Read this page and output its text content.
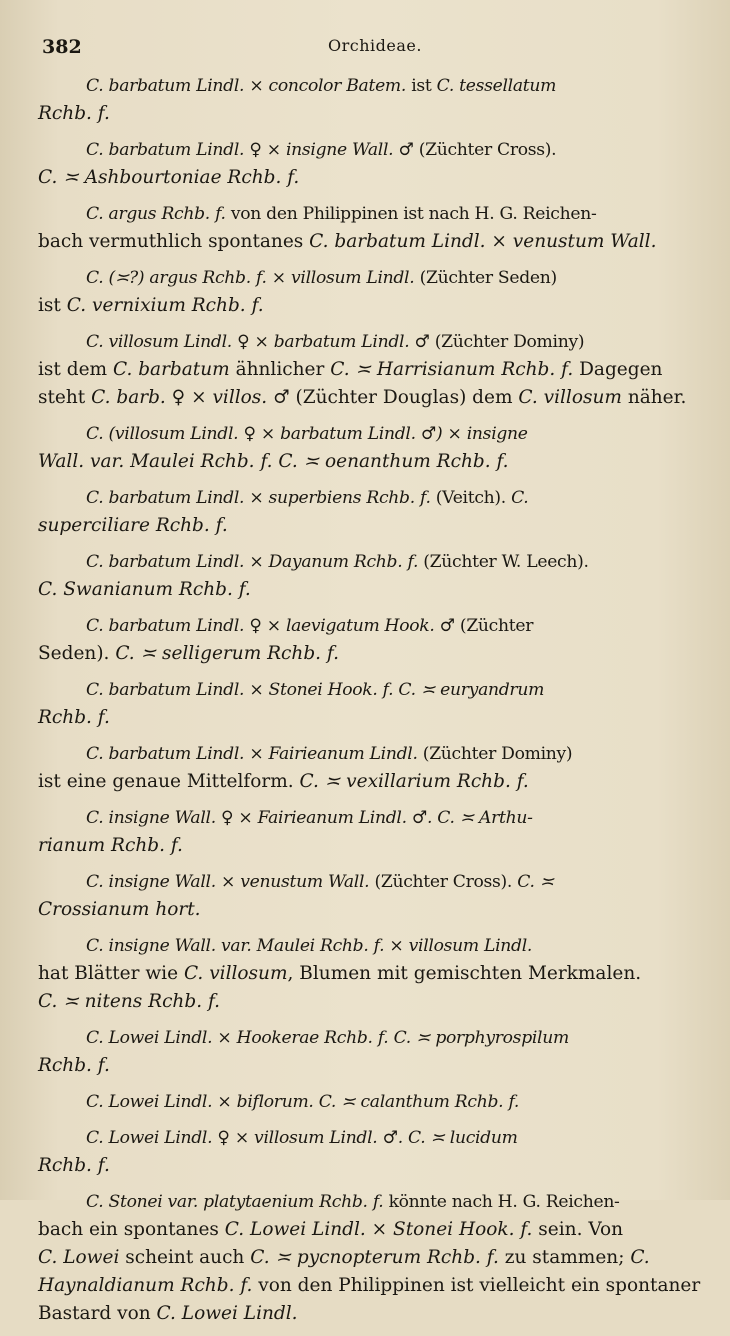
382	Orchideae.

C. barbatum Lindl. × concolor Batem. ist C. tessellatum
Rchb. f.

C. barbatum Lindl. ♀ × insigne Wall. ♂ (Züchter Cross).
C. ≍ Ashbourtoniae Rchb. f.

C. argus Rchb. f. von den Philippinen ist nach H. G. Reichen-
bach vermuthlich spontanes C. barbatum Lindl. × venustum Wall.

C. (≍?) argus Rchb. f. × villosum Lindl. (Züchter Seden)
ist C. vernixium Rchb. f.

C. villosum Lindl. ♀ × barbatum Lindl. ♂ (Züchter Dominy)
ist dem C. barbatum ähnlicher C. ≍ Harrisianum Rchb. f. Dagegen
steht C. barb. ♀ × villos. ♂ (Züchter Douglas) dem C. villosum näher.

C. (villosum Lindl. ♀ × barbatum Lindl. ♂) × insigne
Wall. var. Maulei Rchb. f. C. ≍ oenanthum Rchb. f.

C. barbatum Lindl. × superbiens Rchb. f. (Veitch). C.
superciliare Rchb. f.

C. barbatum Lindl. × Dayanum Rchb. f. (Züchter W. Leech).
C. Swanianum Rchb. f.

C. barbatum Lindl. ♀ × laevigatum Hook. ♂ (Züchter
Seden). C. ≍ selligerum Rchb. f.

C. barbatum Lindl. × Stonei Hook. f. C. ≍ euryandrum
Rchb. f.

C. barbatum Lindl. × Fairieanum Lindl. (Züchter Dominy)
ist eine genaue Mittelform. C. ≍ vexillarium Rchb. f.

C. insigne Wall. ♀ × Fairieanum Lindl. ♂. C. ≍ Arthu-
rianum Rchb. f.

C. insigne Wall. × venustum Wall. (Züchter Cross). C. ≍
Crossianum hort.

C. insigne Wall. var. Maulei Rchb. f. × villosum Lindl.
hat Blätter wie C. villosum, Blumen mit gemischten Merkmalen.
C. ≍ nitens Rchb. f.

C. Lowei Lindl. × Hookerae Rchb. f. C. ≍ porphyrospilum
Rchb. f.

C. Lowei Lindl. × biflorum. C. ≍ calanthum Rchb. f.

C. Lowei Lindl. ♀ × villosum Lindl. ♂. C. ≍ lucidum
Rchb. f.

C. Stonei var. platytaenium Rchb. f. könnte nach H. G. Reichen-
bach ein spontanes C. Lowei Lindl. × Stonei Hook. f. sein. Von
C. Lowei scheint auch C. ≍ pycnopterum Rchb. f. zu stammen; C.
Haynaldianum Rchb. f. von den Philippinen ist vielleicht ein spontaner
Bastard von C. Lowei Lindl.
